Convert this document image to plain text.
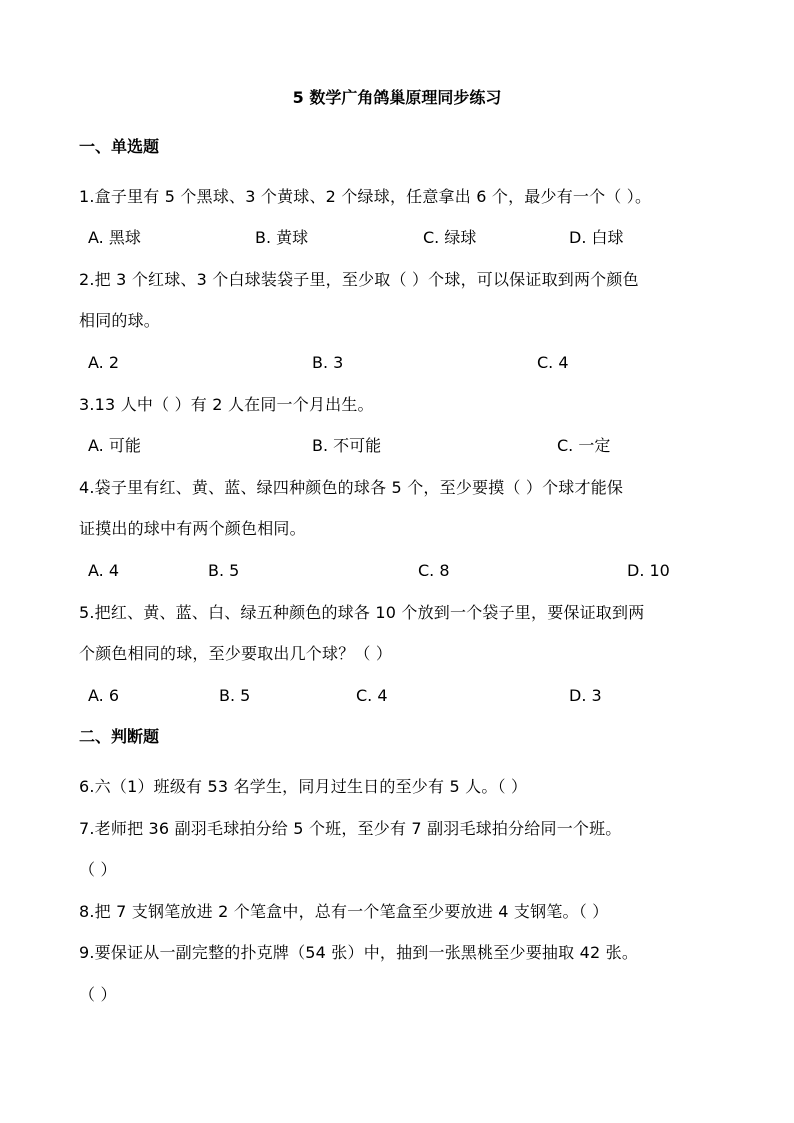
5 数学广角鸽巢原理同步练习
一、单选题
1.盒子里有 5 个黑球、3 个黄球、2 个绿球，任意拿出 6 个，最少有一个（ ）。
A. 黑球	B. 黄球	C. 绿球	D. 白球
2.把 3 个红球、3 个白球装袋子里，至少取（ ）个球，可以保证取到两个颜色
相同的球。
A. 2	B. 3	C. 4
3.13 人中（ ）有 2 人在同一个月出生。
A. 可能	B. 不可能	C. 一定
4.袋子里有红、黄、蓝、绿四种颜色的球各 5 个，至少要摸（ ）个球才能保
证摸出的球中有两个颜色相同。
A. 4	B. 5	C. 8	D. 10
5.把红、黄、蓝、白、绿五种颜色的球各 10 个放到一个袋子里，要保证取到两
个颜色相同的球，至少要取出几个球？（ ）
A. 6	B. 5	C. 4	D. 3
二、判断题
6.六（1）班级有 53 名学生，同月过生日的至少有 5 人。（ ）
7.老师把 36 副羽毛球拍分给 5 个班，至少有 7 副羽毛球拍分给同一个班。
（ ）
8.把 7 支钢笔放进 2 个笔盒中，总有一个笔盒至少要放进 4 支钢笔。（ ）
9.要保证从一副完整的扑克牌（54 张）中，抽到一张黑桃至少要抽取 42 张。
（ ）
